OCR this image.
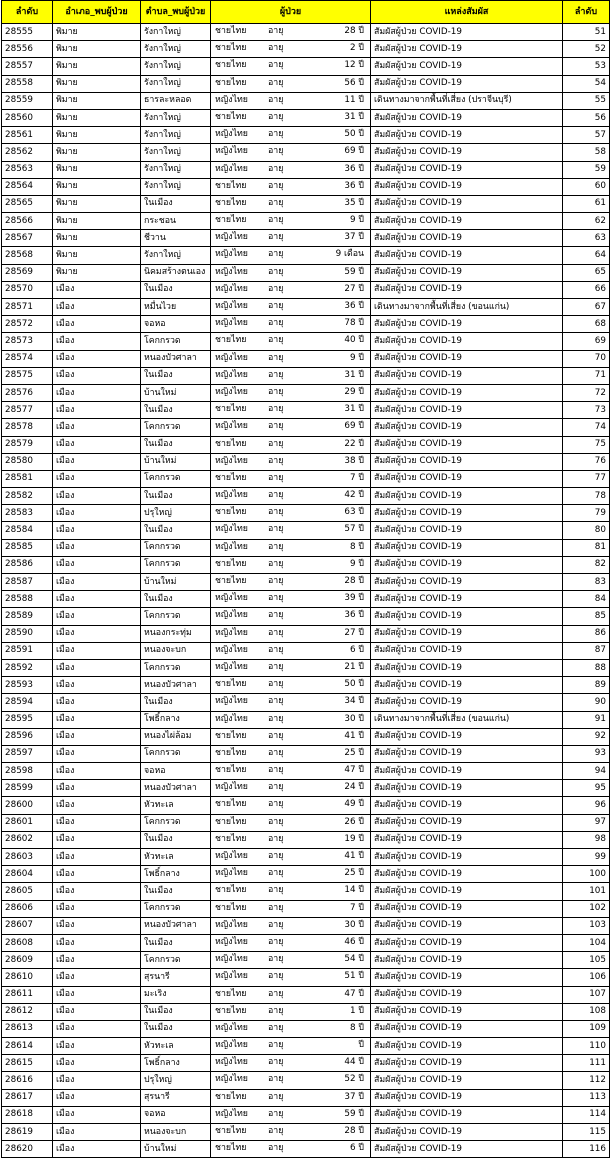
ลำดับ	อำเภอ_พบผู้ป่วย	ตำบล_พบผู้ป่วย	ผู้ป่วย	แหล่งสัมผัส	ลำดับ
28555	พิมาย	รังกาใหญ่	ชายไทย อายุ 28 ปี	สัมผัสผู้ป่วย COVID-19	51
28556	พิมาย	รังกาใหญ่	ชายไทย อายุ 2 ปี	สัมผัสผู้ป่วย COVID-19	52
28557	พิมาย	รังกาใหญ่	ชายไทย อายุ 12 ปี	สัมผัสผู้ป่วย COVID-19	53
28558	พิมาย	รังกาใหญ่	ชายไทย อายุ 56 ปี	สัมผัสผู้ป่วย COVID-19	54
28559	พิมาย	ธารละหลอด	หญิงไทย อายุ 11 ปี	เดินทางมาจากพื้นที่เสี่ยง (ปราจีนบุรี)	55
28560	พิมาย	รังกาใหญ่	ชายไทย อายุ 31 ปี	สัมผัสผู้ป่วย COVID-19	56
28561	พิมาย	รังกาใหญ่	หญิงไทย อายุ 50 ปี	สัมผัสผู้ป่วย COVID-19	57
28562	พิมาย	รังกาใหญ่	หญิงไทย อายุ 69 ปี	สัมผัสผู้ป่วย COVID-19	58
28563	พิมาย	รังกาใหญ่	หญิงไทย อายุ 36 ปี	สัมผัสผู้ป่วย COVID-19	59
28564	พิมาย	รังกาใหญ่	ชายไทย อายุ 36 ปี	สัมผัสผู้ป่วย COVID-19	60
28565	พิมาย	ในเมือง	ชายไทย อายุ 35 ปี	สัมผัสผู้ป่วย COVID-19	61
28566	พิมาย	กระชอน	ชายไทย อายุ 9 ปี	สัมผัสผู้ป่วย COVID-19	62
28567	พิมาย	ชีวาน	หญิงไทย อายุ 37 ปี	สัมผัสผู้ป่วย COVID-19	63
28568	พิมาย	รังกาใหญ่	หญิงไทย อายุ 9 เดือน	สัมผัสผู้ป่วย COVID-19	64
28569	พิมาย	นิคมสร้างตนเอง	หญิงไทย อายุ 59 ปี	สัมผัสผู้ป่วย COVID-19	65
28570	เมือง	ในเมือง	หญิงไทย อายุ 27 ปี	สัมผัสผู้ป่วย COVID-19	66
28571	เมือง	หมื่นไวย	หญิงไทย อายุ 36 ปี	เดินทางมาจากพื้นที่เสี่ยง (ขอนแก่น)	67
28572	เมือง	จอหอ	หญิงไทย อายุ 78 ปี	สัมผัสผู้ป่วย COVID-19	68
28573	เมือง	โคกกรวด	ชายไทย อายุ 40 ปี	สัมผัสผู้ป่วย COVID-19	69
28574	เมือง	หนองบัวศาลา	หญิงไทย อายุ 9 ปี	สัมผัสผู้ป่วย COVID-19	70
28575	เมือง	ในเมือง	หญิงไทย อายุ 31 ปี	สัมผัสผู้ป่วย COVID-19	71
28576	เมือง	บ้านใหม่	หญิงไทย อายุ 29 ปี	สัมผัสผู้ป่วย COVID-19	72
28577	เมือง	ในเมือง	ชายไทย อายุ 31 ปี	สัมผัสผู้ป่วย COVID-19	73
28578	เมือง	โคกกรวด	หญิงไทย อายุ 69 ปี	สัมผัสผู้ป่วย COVID-19	74
28579	เมือง	ในเมือง	ชายไทย อายุ 22 ปี	สัมผัสผู้ป่วย COVID-19	75
28580	เมือง	บ้านใหม่	หญิงไทย อายุ 38 ปี	สัมผัสผู้ป่วย COVID-19	76
28581	เมือง	โคกกรวด	ชายไทย อายุ 7 ปี	สัมผัสผู้ป่วย COVID-19	77
28582	เมือง	ในเมือง	หญิงไทย อายุ 42 ปี	สัมผัสผู้ป่วย COVID-19	78
28583	เมือง	ปรุใหญ่	ชายไทย อายุ 63 ปี	สัมผัสผู้ป่วย COVID-19	79
28584	เมือง	ในเมือง	หญิงไทย อายุ 57 ปี	สัมผัสผู้ป่วย COVID-19	80
28585	เมือง	โคกกรวด	หญิงไทย อายุ 8 ปี	สัมผัสผู้ป่วย COVID-19	81
28586	เมือง	โคกกรวด	ชายไทย อายุ 9 ปี	สัมผัสผู้ป่วย COVID-19	82
28587	เมือง	บ้านใหม่	ชายไทย อายุ 28 ปี	สัมผัสผู้ป่วย COVID-19	83
28588	เมือง	ในเมือง	หญิงไทย อายุ 39 ปี	สัมผัสผู้ป่วย COVID-19	84
28589	เมือง	โคกกรวด	หญิงไทย อายุ 36 ปี	สัมผัสผู้ป่วย COVID-19	85
28590	เมือง	หนองกระทุ่ม	หญิงไทย อายุ 27 ปี	สัมผัสผู้ป่วย COVID-19	86
28591	เมือง	หนองจะบก	หญิงไทย อายุ 6 ปี	สัมผัสผู้ป่วย COVID-19	87
28592	เมือง	โคกกรวด	หญิงไทย อายุ 21 ปี	สัมผัสผู้ป่วย COVID-19	88
28593	เมือง	หนองบัวศาลา	ชายไทย อายุ 50 ปี	สัมผัสผู้ป่วย COVID-19	89
28594	เมือง	ในเมือง	หญิงไทย อายุ 34 ปี	สัมผัสผู้ป่วย COVID-19	90
28595	เมือง	โพธิ์กลาง	หญิงไทย อายุ 30 ปี	เดินทางมาจากพื้นที่เสี่ยง (ขอนแก่น)	91
28596	เมือง	หนองไผ่ล้อม	ชายไทย อายุ 41 ปี	สัมผัสผู้ป่วย COVID-19	92
28597	เมือง	โคกกรวด	ชายไทย อายุ 25 ปี	สัมผัสผู้ป่วย COVID-19	93
28598	เมือง	จอหอ	ชายไทย อายุ 47 ปี	สัมผัสผู้ป่วย COVID-19	94
28599	เมือง	หนองบัวศาลา	หญิงไทย อายุ 24 ปี	สัมผัสผู้ป่วย COVID-19	95
28600	เมือง	หัวทะเล	ชายไทย อายุ 49 ปี	สัมผัสผู้ป่วย COVID-19	96
28601	เมือง	โคกกรวด	ชายไทย อายุ 26 ปี	สัมผัสผู้ป่วย COVID-19	97
28602	เมือง	ในเมือง	ชายไทย อายุ 19 ปี	สัมผัสผู้ป่วย COVID-19	98
28603	เมือง	หัวทะเล	หญิงไทย อายุ 41 ปี	สัมผัสผู้ป่วย COVID-19	99
28604	เมือง	โพธิ์กลาง	หญิงไทย อายุ 25 ปี	สัมผัสผู้ป่วย COVID-19	100
28605	เมือง	ในเมือง	ชายไทย อายุ 14 ปี	สัมผัสผู้ป่วย COVID-19	101
28606	เมือง	โคกกรวด	ชายไทย อายุ 7 ปี	สัมผัสผู้ป่วย COVID-19	102
28607	เมือง	หนองบัวศาลา	หญิงไทย อายุ 30 ปี	สัมผัสผู้ป่วย COVID-19	103
28608	เมือง	ในเมือง	หญิงไทย อายุ 46 ปี	สัมผัสผู้ป่วย COVID-19	104
28609	เมือง	โคกกรวด	หญิงไทย อายุ 54 ปี	สัมผัสผู้ป่วย COVID-19	105
28610	เมือง	สุรนารี	หญิงไทย อายุ 51 ปี	สัมผัสผู้ป่วย COVID-19	106
28611	เมือง	มะเริง	ชายไทย อายุ 47 ปี	สัมผัสผู้ป่วย COVID-19	107
28612	เมือง	ในเมือง	ชายไทย อายุ 1 ปี	สัมผัสผู้ป่วย COVID-19	108
28613	เมือง	ในเมือง	หญิงไทย อายุ 8 ปี	สัมผัสผู้ป่วย COVID-19	109
28614	เมือง	หัวทะเล	หญิงไทย อายุ ปี	สัมผัสผู้ป่วย COVID-19	110
28615	เมือง	โพธิ์กลาง	หญิงไทย อายุ 44 ปี	สัมผัสผู้ป่วย COVID-19	111
28616	เมือง	ปรุใหญ่	หญิงไทย อายุ 52 ปี	สัมผัสผู้ป่วย COVID-19	112
28617	เมือง	สุรนารี	ชายไทย อายุ 37 ปี	สัมผัสผู้ป่วย COVID-19	113
28618	เมือง	จอหอ	หญิงไทย อายุ 59 ปี	สัมผัสผู้ป่วย COVID-19	114
28619	เมือง	หนองจะบก	ชายไทย อายุ 28 ปี	สัมผัสผู้ป่วย COVID-19	115
28620	เมือง	บ้านใหม่	ชายไทย อายุ 6 ปี	สัมผัสผู้ป่วย COVID-19	116
